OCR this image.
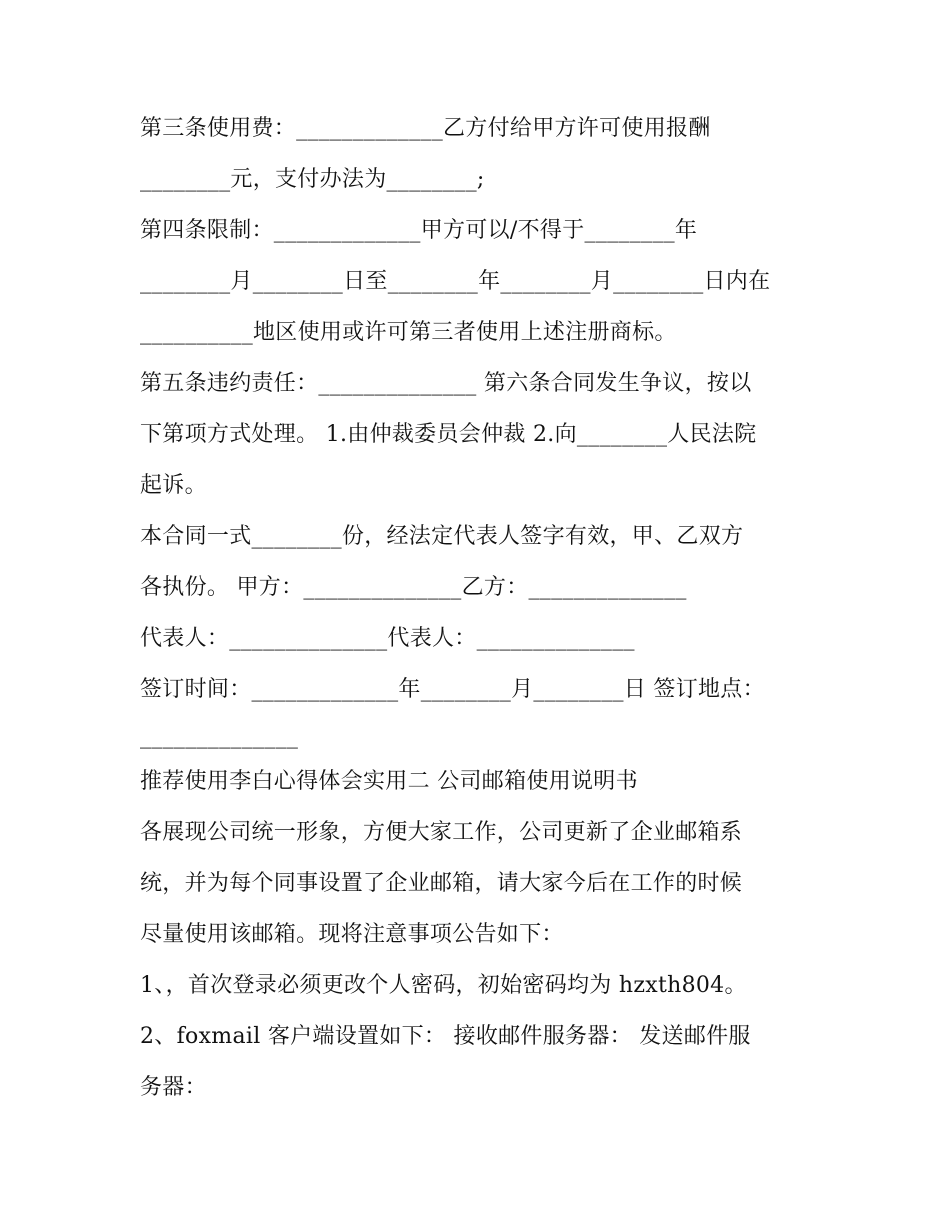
第三条使用费：_____________乙方付给甲方许可使用报酬
________元，支付办法为________;
第四条限制：_____________甲方可以/不得于________年
________月________日至________年________月________日内在
__________地区使用或许可第三者使用上述注册商标。
第五条违约责任：______________ 第六条合同发生争议，按以
下第项方式处理。 1.由仲裁委员会仲裁 2.向________人民法院
起诉。
本合同一式________份，经法定代表人签字有效，甲、乙双方
各执份。 甲方：______________乙方：______________
代表人：______________代表人：______________
签订时间：_____________年________月________日 签订地点：
______________
推荐使用李白心得体会实用二 公司邮箱使用说明书
各展现公司统一形象，方便大家工作，公司更新了企业邮箱系
统，并为每个同事设置了企业邮箱，请大家今后在工作的时候
尽量使用该邮箱。现将注意事项公告如下：
1、，首次登录必须更改个人密码，初始密码均为 hzxth804。
2、foxmail 客户端设置如下： 接收邮件服务器： 发送邮件服
务器：
